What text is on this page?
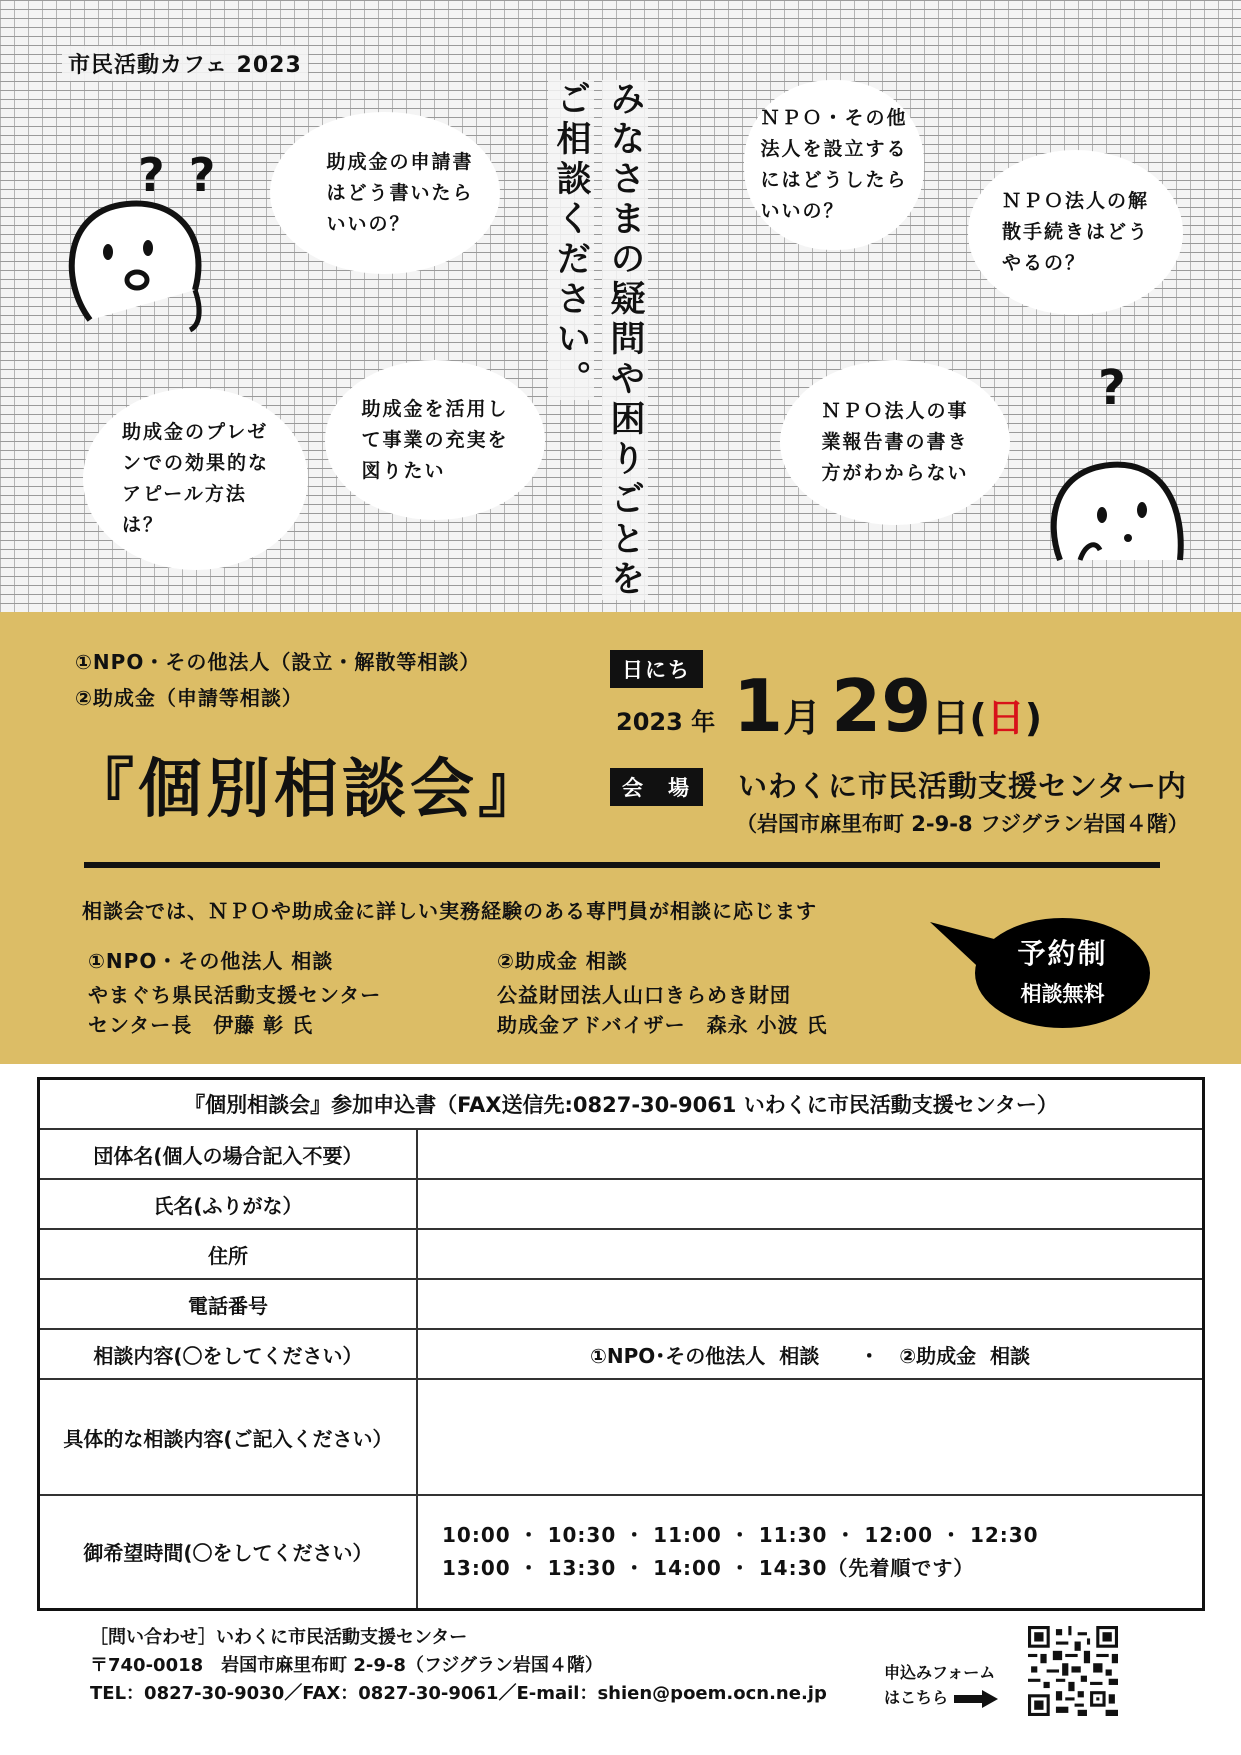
市民活動カフェ 2023
助成金の申請書
はどう書いたら
いいの？
ＮＰＯ・その他
法人を設立する
にはどうしたら
いいの？	ＮＰＯ法人の解
散手続きはどう
やるの？
助成金のプレゼ
ンでの効果的な
アピール方法
は？
助成金を活用し
て事業の充実を
図りたい
ＮＰＯ法人の事
業報告書の書き
方がわからない
みなさまの疑問や困りごとを
ご相談ください。
? ?
?
①NPO・その他法人（設立・解散等相談）
②助成金（申請等相談）
『個別相談会』
日にち
2023 年 1月 29日(日)
会　場	いわくに市民活動支援センター内
（岩国市麻里布町 2-9-8 フジグラン岩国４階）
相談会では、ＮＰＯや助成金に詳しい実務経験のある専門員が相談に応じます
①NPO・その他法人 相談
やまぐち県民活動支援センター
センター長　伊藤 彰 氏
②助成金 相談
公益財団法人山口きらめき財団
助成金アドバイザー　森永 小波 氏
予約制
相談無料
『個別相談会』参加申込書（FAX送信先:0827-30-9061 いわくに市民活動支援センター）	
団体名(個人の場合記入不要）	
氏名(ふりがな）	
住所	
電話番号	
相談内容(〇をしてください）	①NPO･その他法人  相談　　・　②助成金  相談
具体的な相談内容(ご記入ください）	
御希望時間(〇をしてください）	10:00 ・ 10:30 ・ 11:00 ・ 11:30 ・ 12:00 ・ 12:30
13:00 ・ 13:30 ・ 14:00 ・ 14:30（先着順です）
［問い合わせ］いわくに市民活動支援センター
〒740-0018　岩国市麻里布町 2-9-8（フジグラン岩国４階）
TEL：0827-30-9030／FAX：0827-30-9061／E-mail：shien@poem.ocn.ne.jp
申込みフォーム
はこちら
